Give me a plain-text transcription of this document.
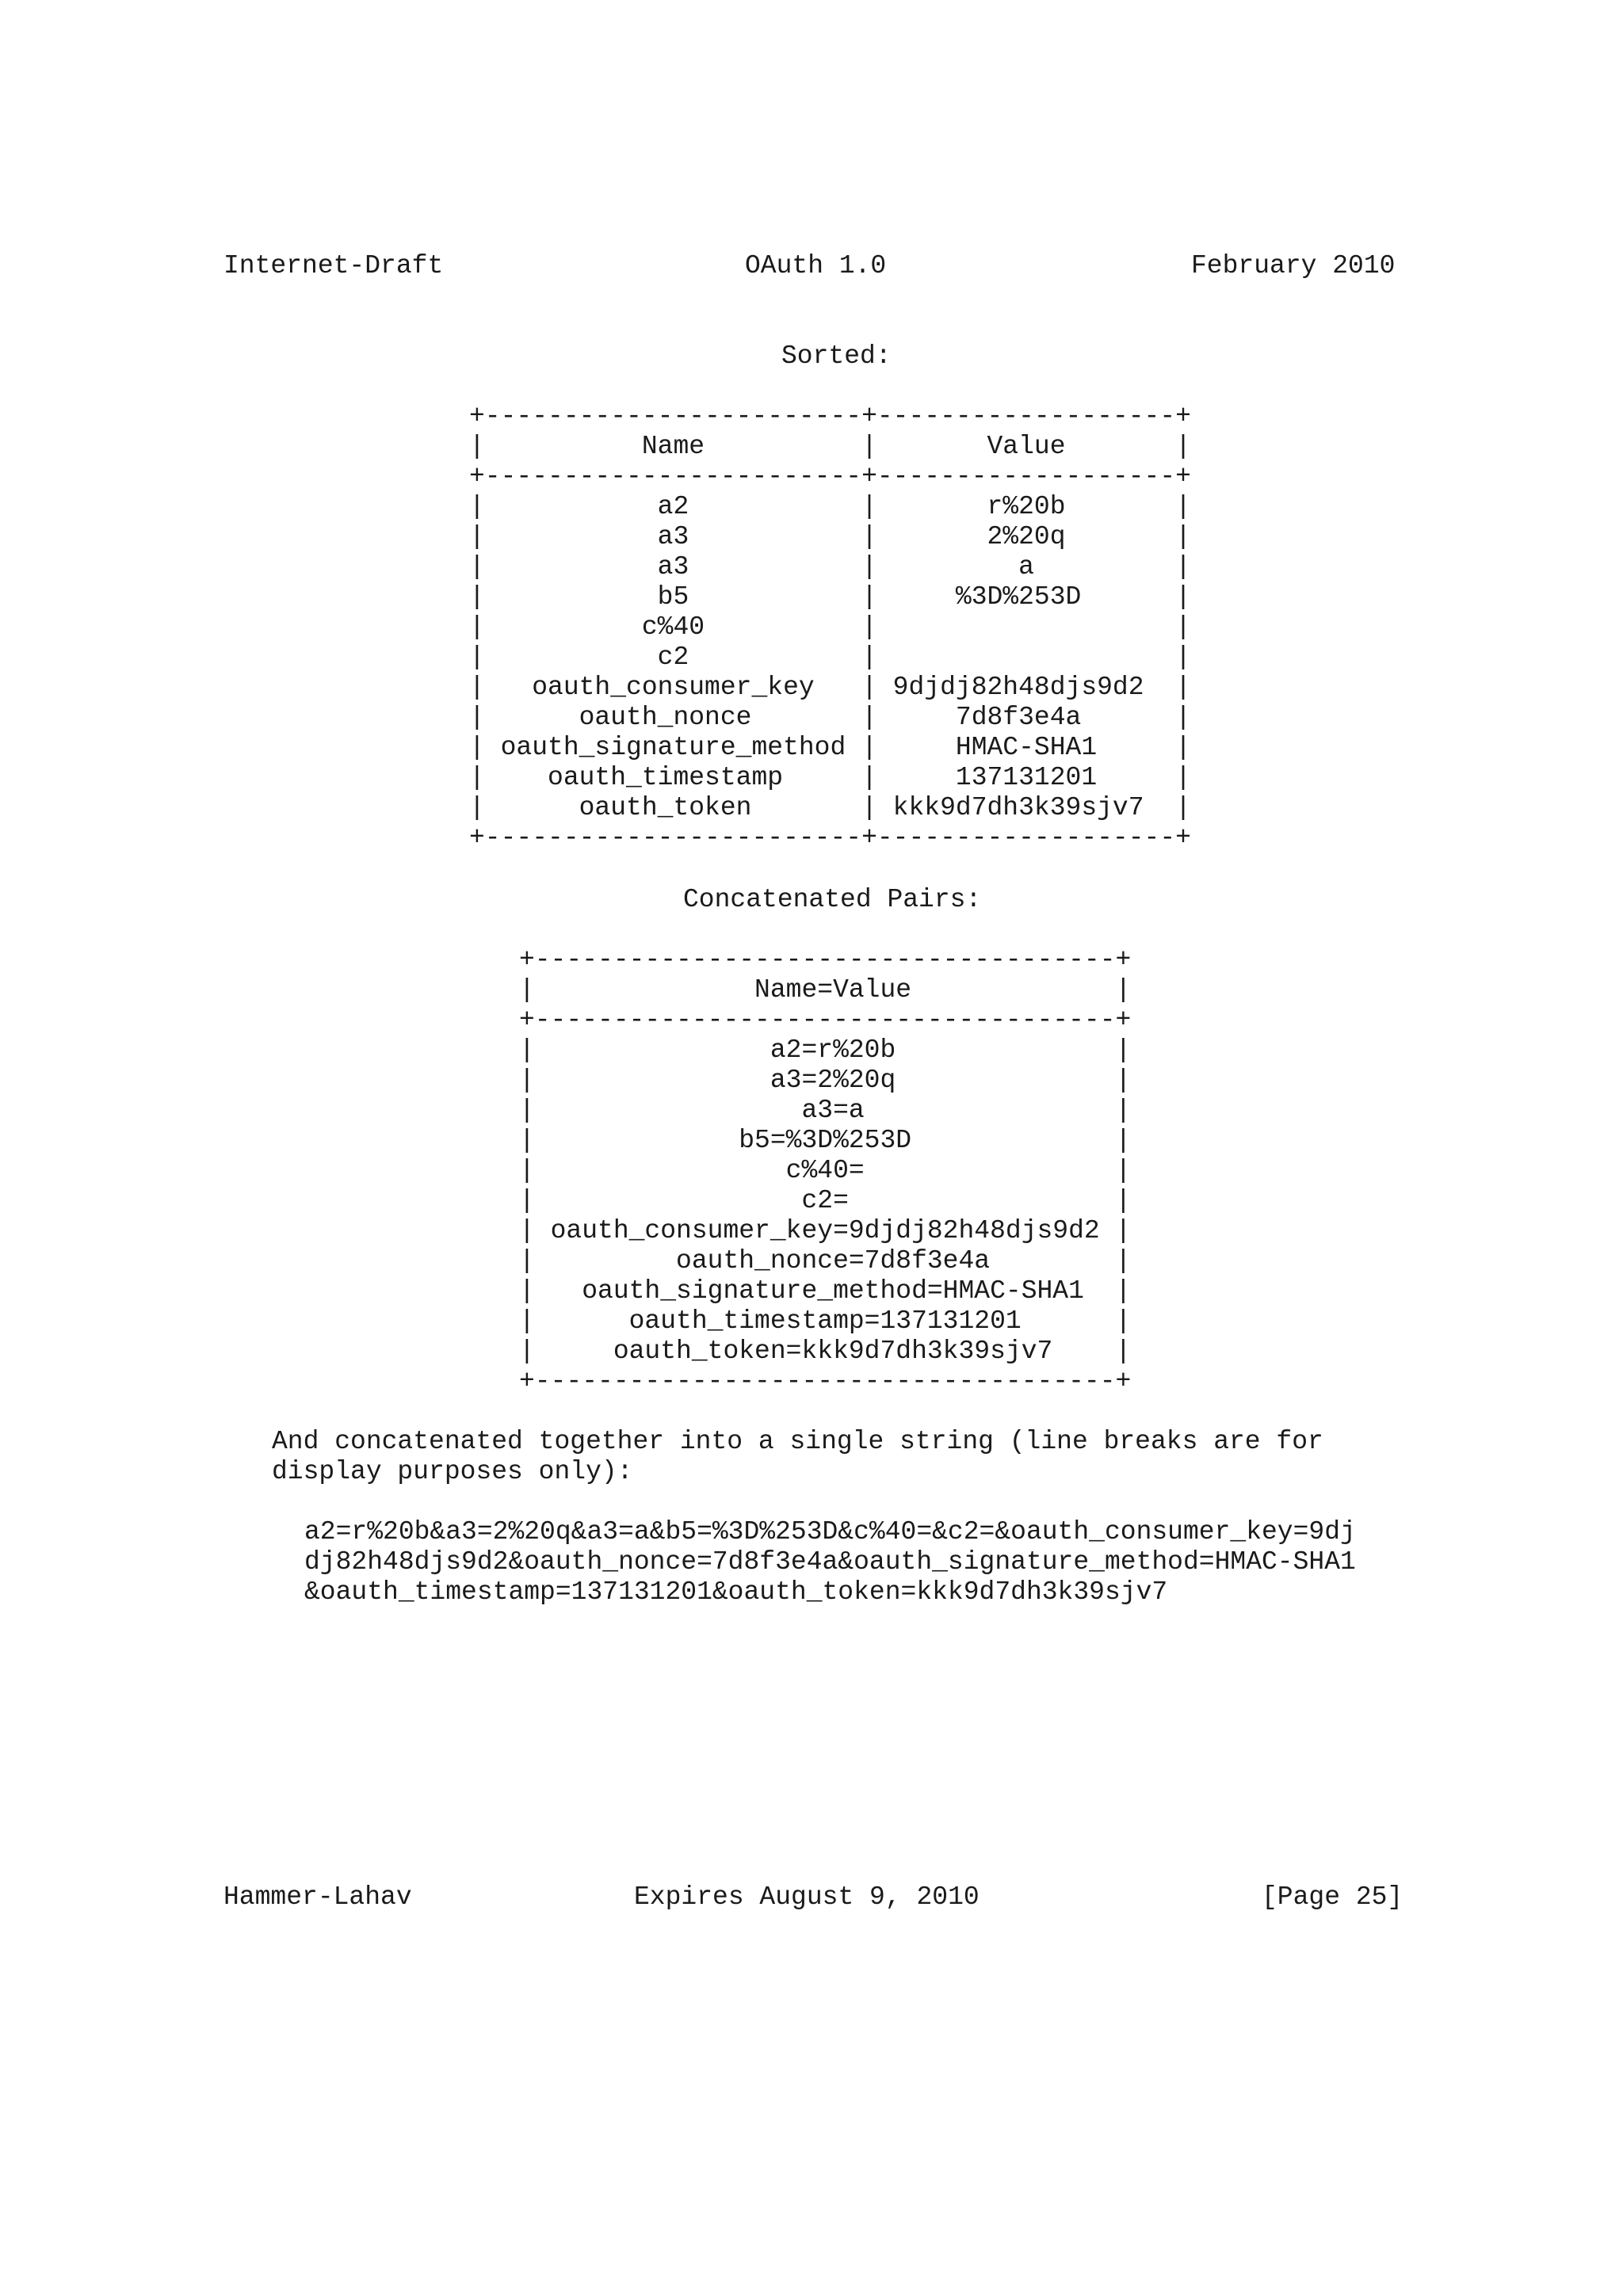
Internet-Draft	OAuth 1.0	February 2010
Sorted:
+------------------------+-------------------+
|          Name          |       Value       |
+------------------------+-------------------+
|           a2           |       r%20b       |
|           a3           |       2%20q       |
|           a3           |         a         |
|           b5           |     %3D%253D      |
|          c%40          |                   |
|           c2           |                   |
|   oauth_consumer_key   | 9djdj82h48djs9d2  |
|      oauth_nonce       |     7d8f3e4a      |
| oauth_signature_method |     HMAC-SHA1     |
|    oauth_timestamp     |     137131201     |
|      oauth_token       | kkk9d7dh3k39sjv7  |
+------------------------+-------------------+
Concatenated Pairs:
+-------------------------------------+
|              Name=Value             |
+-------------------------------------+
|               a2=r%20b              |
|               a3=2%20q              |
|                 a3=a                |
|             b5=%3D%253D             |
|                c%40=                |
|                 c2=                 |
| oauth_consumer_key=9djdj82h48djs9d2 |
|         oauth_nonce=7d8f3e4a        |
|   oauth_signature_method=HMAC-SHA1  |
|      oauth_timestamp=137131201      |
|     oauth_token=kkk9d7dh3k39sjv7    |
+-------------------------------------+
And concatenated together into a single string (line breaks are for
display purposes only):
a2=r%20b&a3=2%20q&a3=a&b5=%3D%253D&c%40=&c2=&oauth_consumer_key=9dj
dj82h48djs9d2&oauth_nonce=7d8f3e4a&oauth_signature_method=HMAC-SHA1
&oauth_timestamp=137131201&oauth_token=kkk9d7dh3k39sjv7
Hammer-Lahav	Expires August 9, 2010	[Page 25]
